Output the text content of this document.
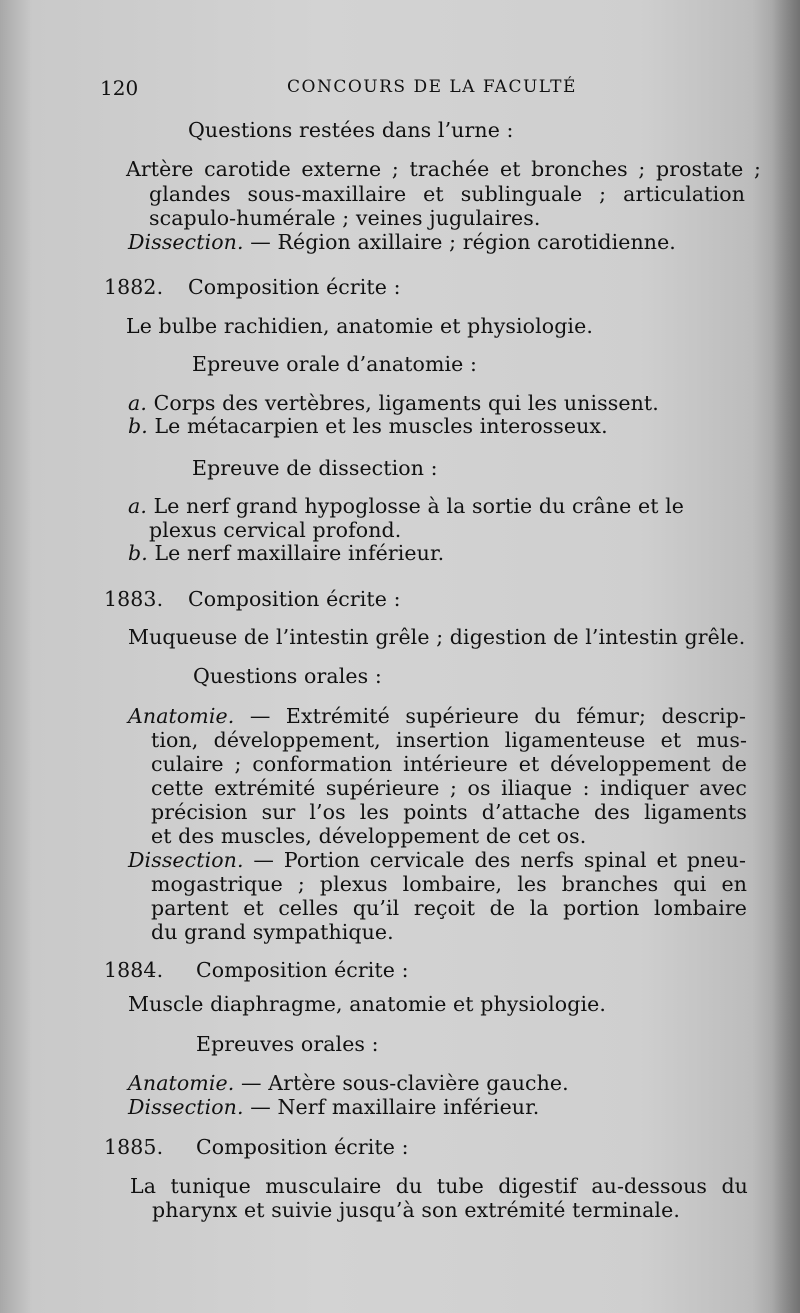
120	CONCOURS DE LA FACULTÉ
Questions restées dans l’urne :
Artère carotide externe ; trachée et bronches ; prostate ;
glandes sous-maxillaire et sublinguale ; articulation
scapulo-humérale ; veines jugulaires.
Dissection. — Région axillaire ; région carotidienne.
1882. Composition écrite :
Le bulbe rachidien, anatomie et physiologie.
Epreuve orale d’anatomie :
a. Corps des vertèbres, ligaments qui les unissent.
b. Le métacarpien et les muscles interosseux.
Epreuve de dissection :
a. Le nerf grand hypoglosse à la sortie du crâne et le
plexus cervical profond.
b. Le nerf maxillaire inférieur.
1883. Composition écrite :
Muqueuse de l’intestin grêle ; digestion de l’intestin grêle.
Questions orales :
Anatomie. — Extrémité supérieure du fémur; descrip-
tion, développement, insertion ligamenteuse et mus-
culaire ; conformation intérieure et développement de
cette extrémité supérieure ; os iliaque : indiquer avec
précision sur l’os les points d’attache des ligaments
et des muscles, développement de cet os.
Dissection. — Portion cervicale des nerfs spinal et pneu-
mogastrique ; plexus lombaire, les branches qui en
partent et celles qu’il reçoit de la portion lombaire
du grand sympathique.
1884. Composition écrite :
Muscle diaphragme, anatomie et physiologie.
Epreuves orales :
Anatomie. — Artère sous-clavière gauche.
Dissection. — Nerf maxillaire inférieur.
1885. Composition écrite :
La tunique musculaire du tube digestif au-dessous du
pharynx et suivie jusqu’à son extrémité terminale.
